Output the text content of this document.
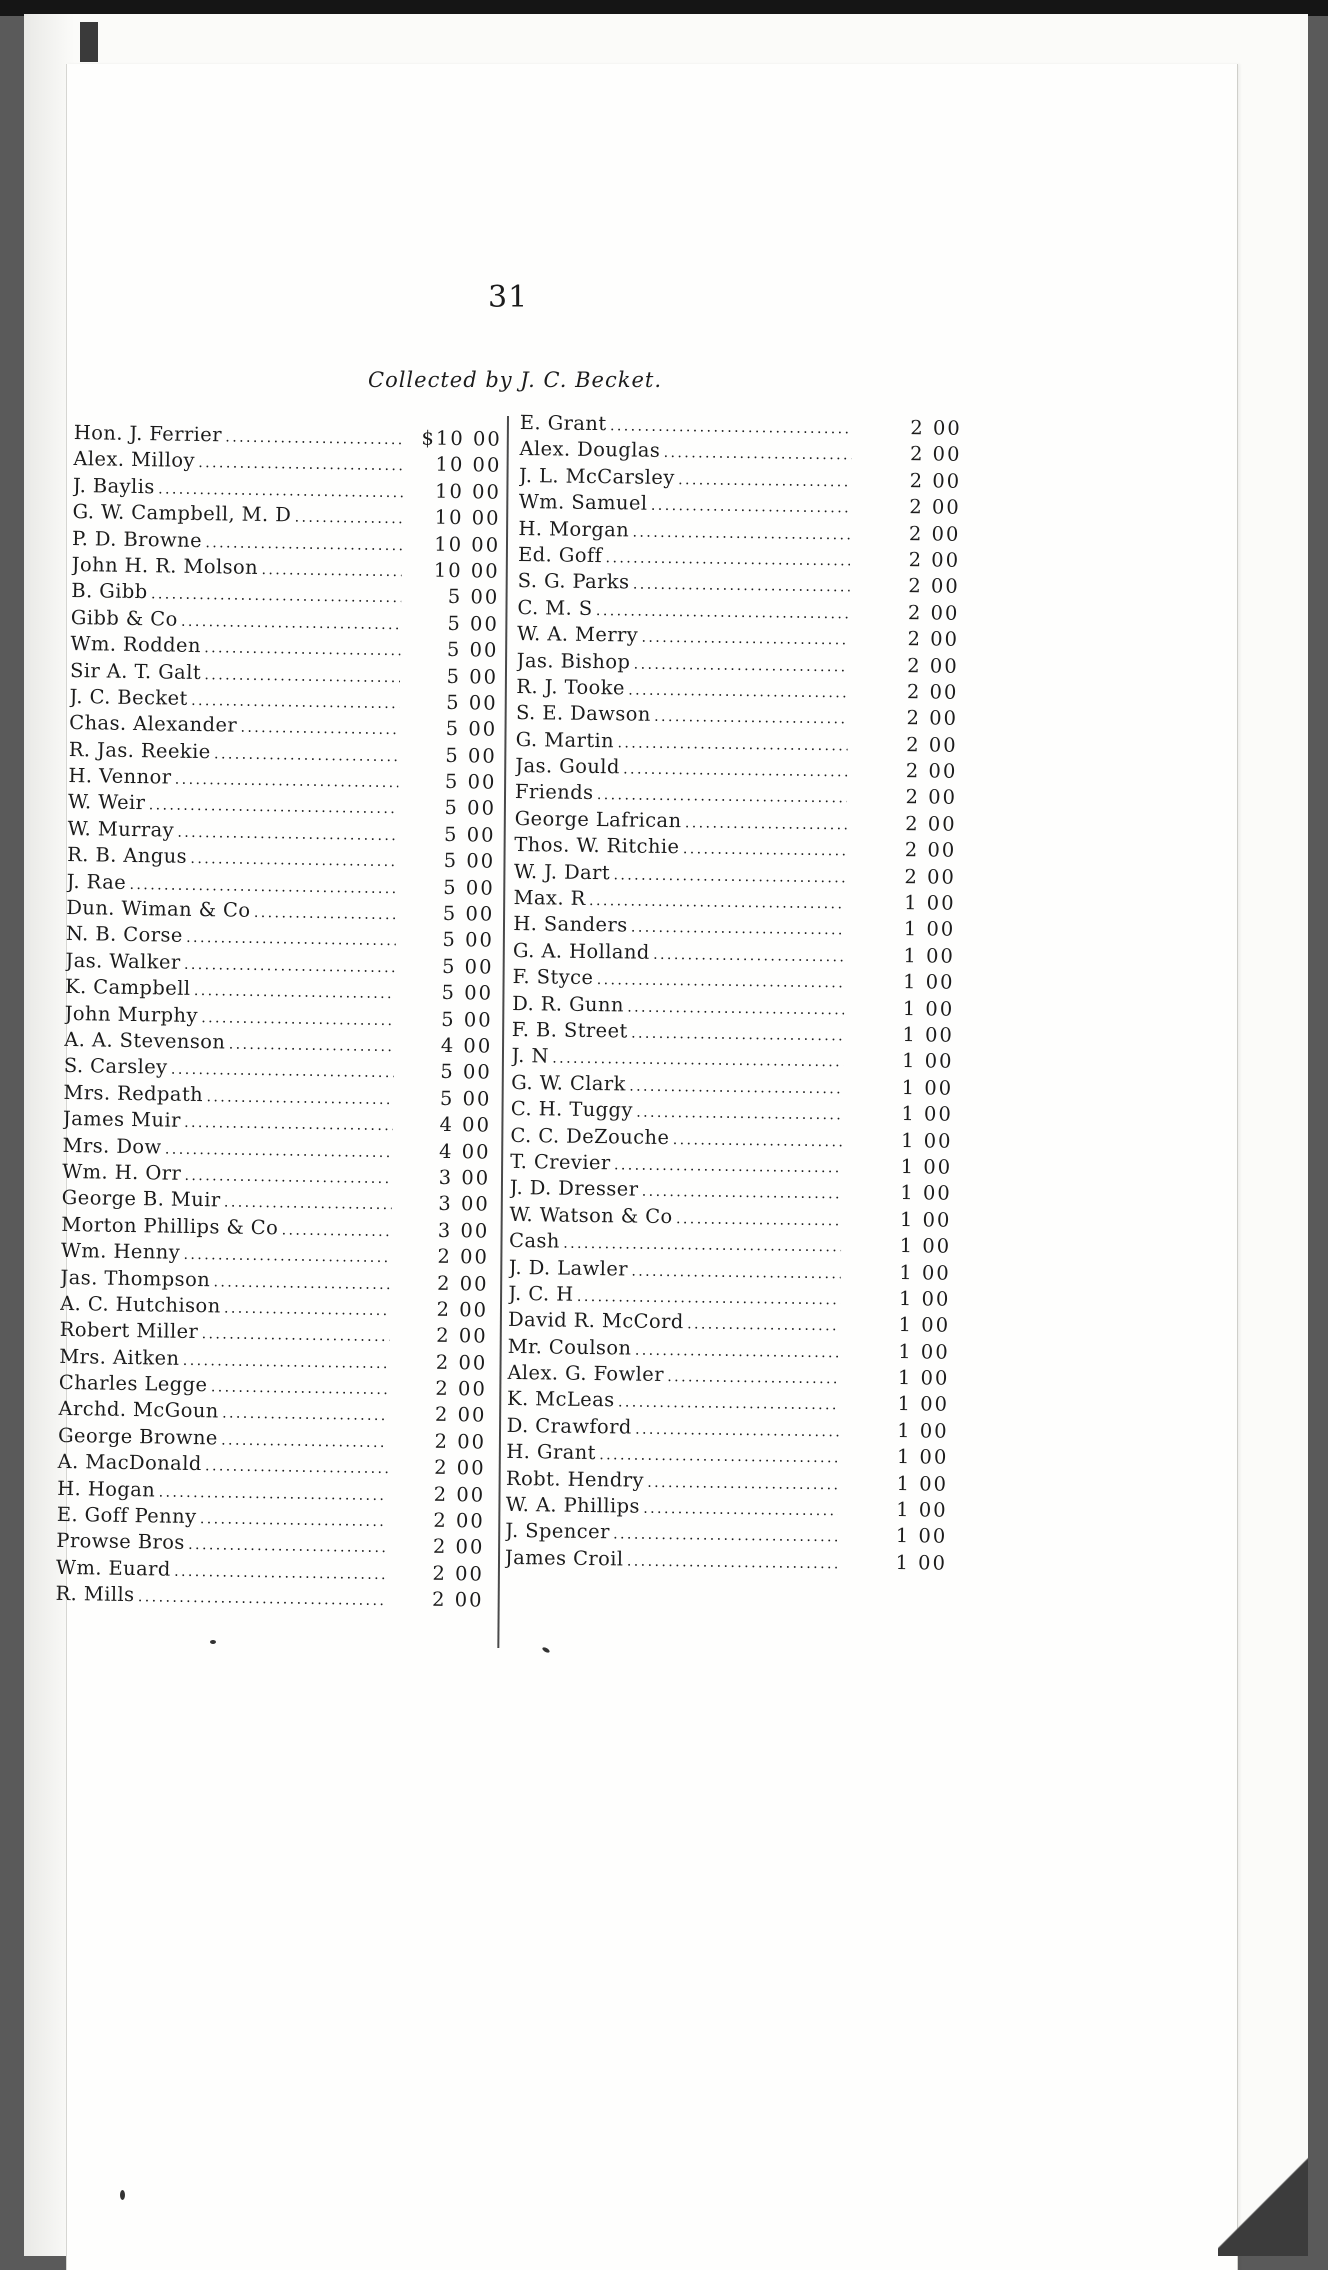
31
Collected by J. C. Becket.
Hon. J. Ferrier . . .	$10 00
Alex. Milloy . . .	10 00
J. Baylis . . .	10 00
G. W. Campbell, M. D . . .	10 00
P. D. Browne . . .	10 00
John H. R. Molson . . .	10 00
B. Gibb . . .	5 00
Gibb & Co . . .	5 00
Wm. Rodden . . .	5 00
Sir A. T. Galt . . .	5 00
J. C. Becket . . .	5 00
Chas. Alexander . . .	5 00
R. Jas. Reekie . . .	5 00
H. Vennor . . .	5 00
W. Weir . . .	5 00
W. Murray . . .	5 00
R. B. Angus . . .	5 00
J. Rae . . .	5 00
Dun. Wiman & Co . . .	5 00
N. B. Corse . . .	5 00
Jas. Walker . . .	5 00
K. Campbell . . .	5 00
John Murphy . . .	5 00
A. A. Stevenson . . .	4 00
S. Carsley . . .	5 00
Mrs. Redpath . . .	5 00
James Muir . . .	4 00
Mrs. Dow . . .	4 00
Wm. H. Orr . . .	3 00
George B. Muir . . .	3 00
Morton Phillips & Co . . .	3 00
Wm. Henny . . .	2 00
Jas. Thompson . . .	2 00
A. C. Hutchison . . .	2 00
Robert Miller . . .	2 00
Mrs. Aitken . . .	2 00
Charles Legge . . .	2 00
Archd. McGoun . . .	2 00
George Browne . . .	2 00
A. MacDonald . . .	2 00
H. Hogan . . .	2 00
E. Goff Penny . . .	2 00
Prowse Bros . . .	2 00
Wm. Euard . . .	2 00
R. Mills . . .	2 00
E. Grant . . .	2 00
Alex. Douglas . . .	2 00
J. L. McCarsley . . .	2 00
Wm. Samuel . . .	2 00
H. Morgan . . .	2 00
Ed. Goff . . .	2 00
S. G. Parks . . .	2 00
C. M. S . . .	2 00
W. A. Merry . . .	2 00
Jas. Bishop . . .	2 00
R. J. Tooke . . .	2 00
S. E. Dawson . . .	2 00
G. Martin . . .	2 00
Jas. Gould . . .	2 00
Friends . . .	2 00
George Lafrican . . .	2 00
Thos. W. Ritchie . . .	2 00
W. J. Dart . . .	2 00
Max. R . . .	1 00
H. Sanders . . .	1 00
G. A. Holland . . .	1 00
F. Styce . . .	1 00
D. R. Gunn . . .	1 00
F. B. Street . . .	1 00
J. N . . .	1 00
G. W. Clark . . .	1 00
C. H. Tuggy . . .	1 00
C. C. DeZouche . . .	1 00
T. Crevier . . .	1 00
J. D. Dresser . . .	1 00
W. Watson & Co . . .	1 00
Cash . . .	1 00
J. D. Lawler . . .	1 00
J. C. H . . .	1 00
David R. McCord . . .	1 00
Mr. Coulson . . .	1 00
Alex. G. Fowler . . .	1 00
K. McLeas . . .	1 00
D. Crawford . . .	1 00
H. Grant . . .	1 00
Robt. Hendry . . .	1 00
W. A. Phillips . . .	1 00
J. Spencer . . .	1 00
James Croil . . .	1 00
